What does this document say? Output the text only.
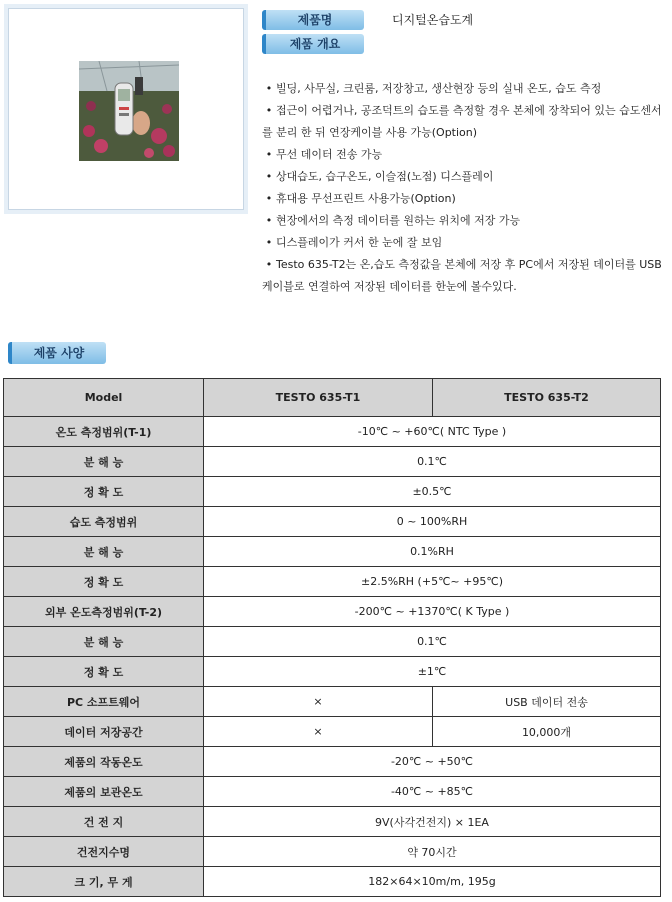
제품명	디지털온습도계
제품 개요
• 빌딩, 사무실, 크린룸, 저장창고, 생산현장 등의 실내 온도, 습도 측정
• 접근이 어렵거나, 공조덕트의 습도를 측정할 경우 본체에 장착되어 있는 습도센서를 분리 한 뒤 연장케이블 사용 가능(Option)
• 무선 데이터 전송 가능
• 상대습도, 습구온도, 이슬점(노점) 디스플레이
• 휴대용 무선프린트 사용가능(Option)
• 현장에서의 측정 데이터를 원하는 위치에 저장 가능
• 디스플레이가 커서 한 눈에 잘 보임
• Testo 635-T2는 온,습도 측정값을 본체에 저장 후 PC에서 저장된 데이터를 USB 케이블로 연결하여 저장된 데이터를 한눈에 볼수있다.
제품 사양
Model	TESTO 635-T1	TESTO 635-T2
온도 측정범위(T-1)	-10℃ ~ +60℃( NTC Type )	
분 해 능	0.1℃	
정 확 도	±0.5℃	
습도 측정범위	0 ~ 100%RH	
분 해 능	0.1%RH	
정 확 도	±2.5%RH (+5℃~ +95℃)	
외부 온도측정범위(T-2)	-200℃ ~ +1370℃( K Type )	
분 해 능	0.1℃	
정 확 도	±1℃	
PC 소프트웨어	×	USB 데이터 전송
데이터 저장공간	×	10,000개
제품의 작동온도	-20℃ ~ +50℃	
제품의 보관온도	-40℃ ~ +85℃	
건 전 지	9V(사각건전지) × 1EA	
건전지수명	약 70시간	
크 기, 무 게	182×64×10m/m, 195g	
